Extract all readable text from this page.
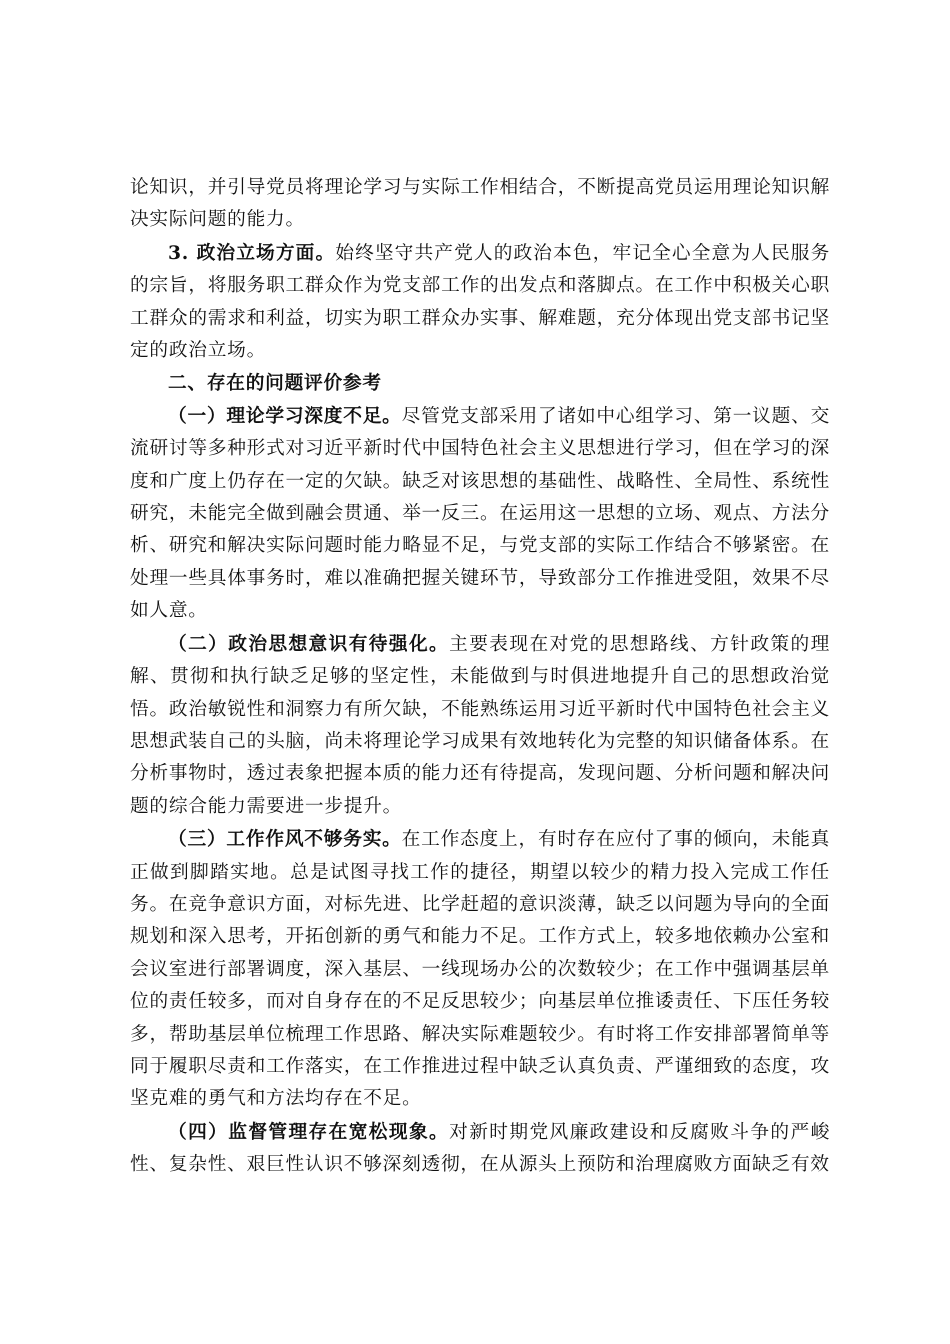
论知识，并引导党员将理论学习与实际工作相结合，不断提高党员运用理论知识解决实际问题的能力。

3. 政治立场方面。始终坚守共产党人的政治本色，牢记全心全意为人民服务的宗旨，将服务职工群众作为党支部工作的出发点和落脚点。在工作中积极关心职工群众的需求和利益，切实为职工群众办实事、解难题，充分体现出党支部书记坚定的政治立场。

二、存在的问题评价参考

（一）理论学习深度不足。尽管党支部采用了诸如中心组学习、第一议题、交流研讨等多种形式对习近平新时代中国特色社会主义思想进行学习，但在学习的深度和广度上仍存在一定的欠缺。缺乏对该思想的基础性、战略性、全局性、系统性研究，未能完全做到融会贯通、举一反三。在运用这一思想的立场、观点、方法分析、研究和解决实际问题时能力略显不足，与党支部的实际工作结合不够紧密。在处理一些具体事务时，难以准确把握关键环节，导致部分工作推进受阻，效果不尽如人意。

（二）政治思想意识有待强化。主要表现在对党的思想路线、方针政策的理解、贯彻和执行缺乏足够的坚定性，未能做到与时俱进地提升自己的思想政治觉悟。政治敏锐性和洞察力有所欠缺，不能熟练运用习近平新时代中国特色社会主义思想武装自己的头脑，尚未将理论学习成果有效地转化为完整的知识储备体系。在分析事物时，透过表象把握本质的能力还有待提高，发现问题、分析问题和解决问题的综合能力需要进一步提升。

（三）工作作风不够务实。在工作态度上，有时存在应付了事的倾向，未能真正做到脚踏实地。总是试图寻找工作的捷径，期望以较少的精力投入完成工作任务。在竞争意识方面，对标先进、比学赶超的意识淡薄，缺乏以问题为导向的全面规划和深入思考，开拓创新的勇气和能力不足。工作方式上，较多地依赖办公室和会议室进行部署调度，深入基层、一线现场办公的次数较少；在工作中强调基层单位的责任较多，而对自身存在的不足反思较少；向基层单位推诿责任、下压任务较多，帮助基层单位梳理工作思路、解决实际难题较少。有时将工作安排部署简单等同于履职尽责和工作落实，在工作推进过程中缺乏认真负责、严谨细致的态度，攻坚克难的勇气和方法均存在不足。

（四）监督管理存在宽松现象。对新时期党风廉政建设和反腐败斗争的严峻性、复杂性、艰巨性认识不够深刻透彻，在从源头上预防和治理腐败方面缺乏有效
